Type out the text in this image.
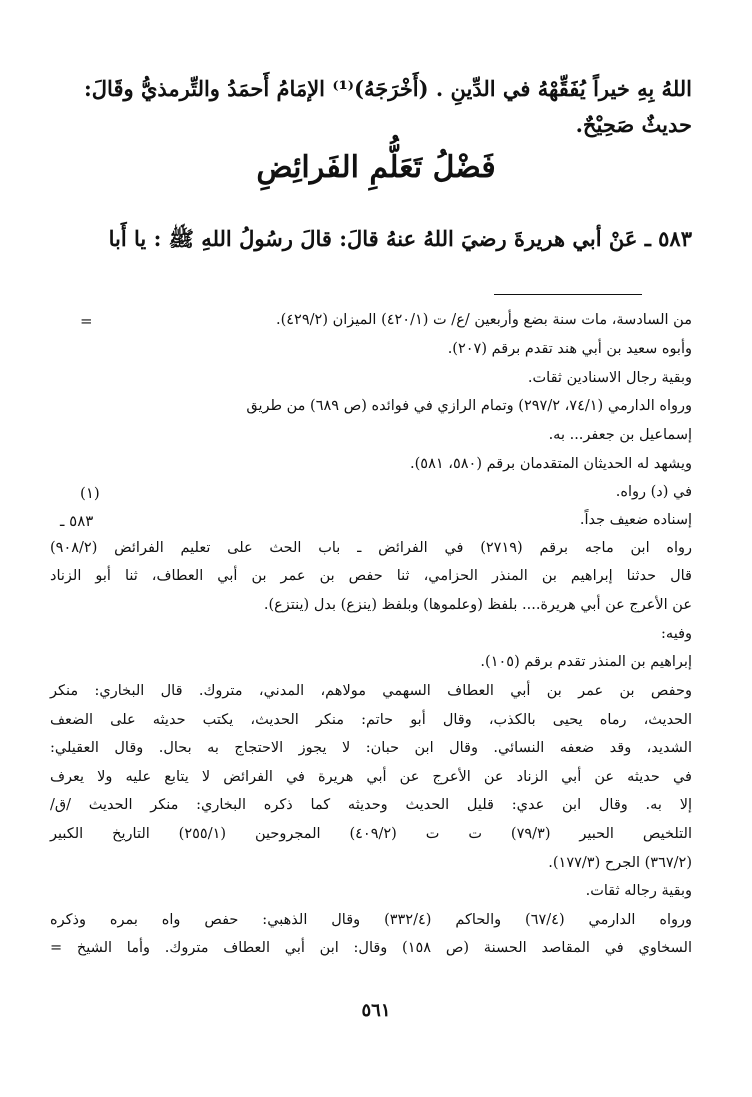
اللهُ بِهِ خيراً يُفَقِّهْهُ في الدِّينِ . (أَخْرَجَهُ)⁽¹⁾ الإمَامُ أَحمَدُ والتِّرمذيُّ وقَالَ:
حديثٌ صَحِيْحٌ.
فَضْلُ تَعَلُّمِ الفَرائِضِ
٥٨٣ ـ عَنْ أبي هريرةَ رضيَ اللهُ عنهُ قالَ: قالَ رسُولُ اللهِ ﷺ : يا أَبا
=
(١)
٥٨٣ ـ
من السادسة، مات سنة بضع وأربعين /ع/ ت (٤٢٠/١) الميزان (٤٢٩/٢).
وأبوه سعيد بن أبي هند تقدم برقم (٢٠٧).
وبقية رجال الاسنادين ثقات.
ورواه الدارمي (٧٤/١، ٢٩٧/٢) وتمام الرازي في فوائده (ص ٦٨٩) من طريق
إسماعيل بن جعفر... به.
ويشهد له الحديثان المتقدمان برقم (٥٨٠، ٥٨١).
في (د) رواه.
إسناده ضعيف جداً.
رواه ابن ماجه برقم (٢٧١٩) في الفرائض ـ باب الحث على تعليم الفرائض (٩٠٨/٢)
قال حدثنا إبراهيم بن المنذر الحزامي، ثنا حفص بن عمر بن أبي العطاف، ثنا أبو الزناد
عن الأعرج عن أبي هريرة.... بلفظ (وعلموها) وبلفظ (ينزع) بدل (ينتزع).
وفيه:
إبراهيم بن المنذر تقدم برقم (١٠٥).
وحفص بن عمر بن أبي العطاف السهمي مولاهم، المدني، متروك. قال البخاري: منكر
الحديث، رماه يحيى بالكذب، وقال أبو حاتم: منكر الحديث، يكتب حديثه على الضعف
الشديد، وقد ضعفه النسائي. وقال ابن حبان: لا يجوز الاحتجاج به بحال. وقال العقيلي:
في حديثه عن أبي الزناد عن الأعرج عن أبي هريرة في الفرائض لا يتابع عليه ولا يعرف
إلا به. وقال ابن عدي: قليل الحديث وحديثه كما ذكره البخاري: منكر الحديث /ق/
التلخيص الحبير (٧٩/٣) ت ت (٤٠٩/٢) المجروحين (٢٥٥/١) التاريخ الكبير
(٣٦٧/٢) الجرح (١٧٧/٣).
وبقية رجاله ثقات.
ورواه الدارمي (٦٧/٤) والحاكم (٣٣٢/٤) وقال الذهبي: حفص واه بمره وذكره
السخاوي في المقاصد الحسنة (ص ١٥٨) وقال: ابن أبي العطاف متروك. وأما الشيخ =
٥٦١
